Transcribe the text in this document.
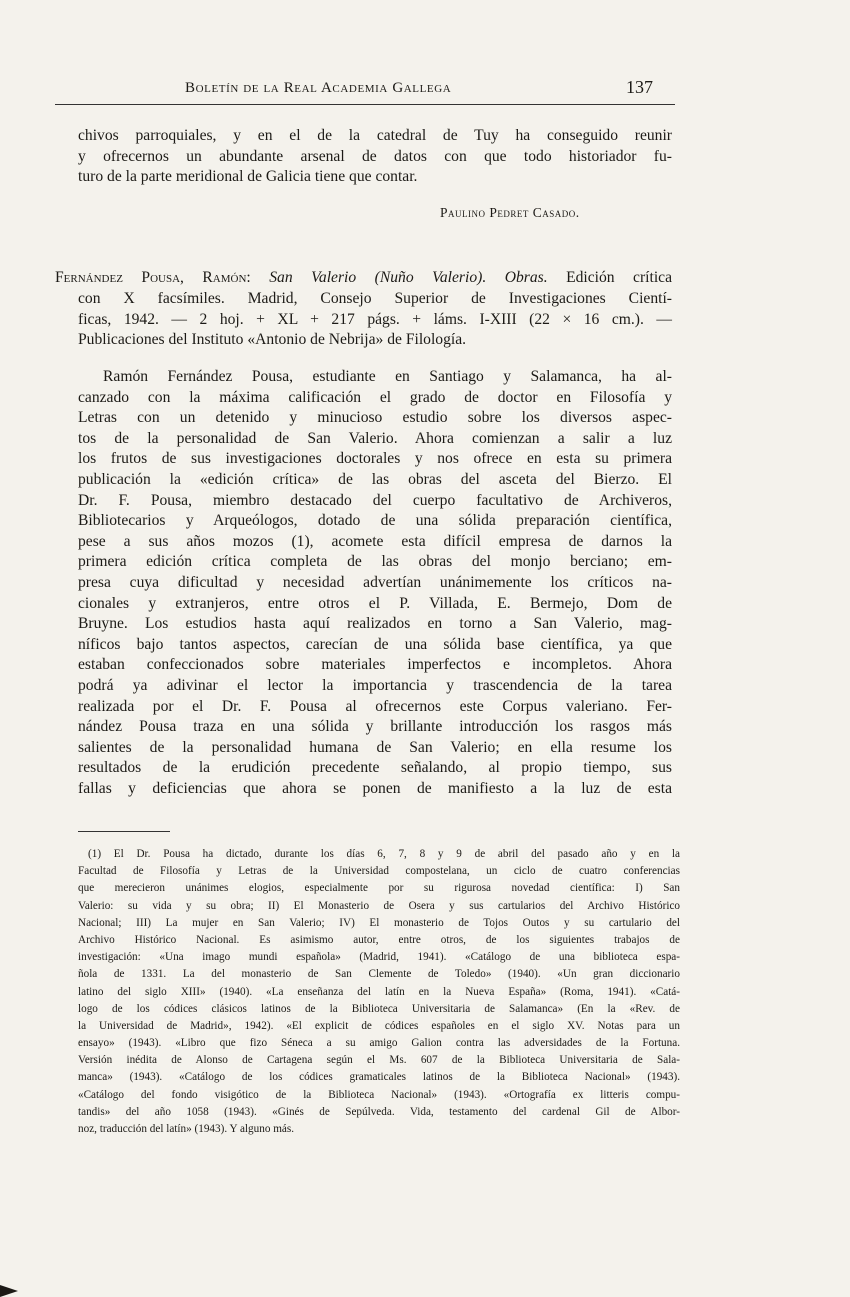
Boletín de la Real Academia Gallega	137
chivos parroquiales, y en el de la catedral de Tuy ha conseguido reunir
y ofrecernos un abundante arsenal de datos con que todo historiador fu-
turo de la parte meridional de Galicia tiene que contar.
Paulino Pedret Casado.
Fernández Pousa, Ramón: San Valerio (Nuño Valerio). Obras. Edición crítica
con X facsímiles. Madrid, Consejo Superior de Investigaciones Cientí-
ficas, 1942. — 2 hoj. + XL + 217 págs. + láms. I-XIII (22 × 16 cm.). —
Publicaciones del Instituto «Antonio de Nebrija» de Filología.
Ramón Fernández Pousa, estudiante en Santiago y Salamanca, ha al-
canzado con la máxima calificación el grado de doctor en Filosofía y
Letras con un detenido y minucioso estudio sobre los diversos aspec-
tos de la personalidad de San Valerio. Ahora comienzan a salir a luz
los frutos de sus investigaciones doctorales y nos ofrece en esta su primera
publicación la «edición crítica» de las obras del asceta del Bierzo. El
Dr. F. Pousa, miembro destacado del cuerpo facultativo de Archiveros,
Bibliotecarios y Arqueólogos, dotado de una sólida preparación científica,
pese a sus años mozos (1), acomete esta difícil empresa de darnos la
primera edición crítica completa de las obras del monjo berciano; em-
presa cuya dificultad y necesidad advertían unánimemente los críticos na-
cionales y extranjeros, entre otros el P. Villada, E. Bermejo, Dom de
Bruyne. Los estudios hasta aquí realizados en torno a San Valerio, mag-
níficos bajo tantos aspectos, carecían de una sólida base científica, ya que
estaban confeccionados sobre materiales imperfectos e incompletos. Ahora
podrá ya adivinar el lector la importancia y trascendencia de la tarea
realizada por el Dr. F. Pousa al ofrecernos este Corpus valeriano. Fer-
nández Pousa traza en una sólida y brillante introducción los rasgos más
salientes de la personalidad humana de San Valerio; en ella resume los
resultados de la erudición precedente señalando, al propio tiempo, sus
fallas y deficiencias que ahora se ponen de manifiesto a la luz de esta
(1) El Dr. Pousa ha dictado, durante los días 6, 7, 8 y 9 de abril del pasado año y en la
Facultad de Filosofía y Letras de la Universidad compostelana, un ciclo de cuatro conferencias
que merecieron unánimes elogios, especialmente por su rigurosa novedad científica: I) San
Valerio: su vida y su obra; II) El Monasterio de Osera y sus cartularios del Archivo Histórico
Nacional; III) La mujer en San Valerio; IV) El monasterio de Tojos Outos y su cartulario del
Archivo Histórico Nacional. Es asimismo autor, entre otros, de los siguientes trabajos de
investigación: «Una imago mundi española» (Madrid, 1941). «Catálogo de una biblioteca espa-
ñola de 1331. La del monasterio de San Clemente de Toledo» (1940). «Un gran diccionario
latino del siglo XIII» (1940). «La enseñanza del latín en la Nueva España» (Roma, 1941). «Catá-
logo de los códices clásicos latinos de la Biblioteca Universitaria de Salamanca» (En la «Rev. de
la Universidad de Madrid», 1942). «El explicit de códices españoles en el siglo XV. Notas para un
ensayo» (1943). «Libro que fizo Séneca a su amigo Galion contra las adversidades de la Fortuna.
Versión inédita de Alonso de Cartagena según el Ms. 607 de la Biblioteca Universitaria de Sala-
manca» (1943). «Catálogo de los códices gramaticales latinos de la Biblioteca Nacional» (1943).
«Catálogo del fondo visigótico de la Biblioteca Nacional» (1943). «Ortografía ex litteris compu-
tandis» del año 1058 (1943). «Ginés de Sepúlveda. Vida, testamento del cardenal Gil de Albor-
noz, traducción del latín» (1943). Y alguno más.
